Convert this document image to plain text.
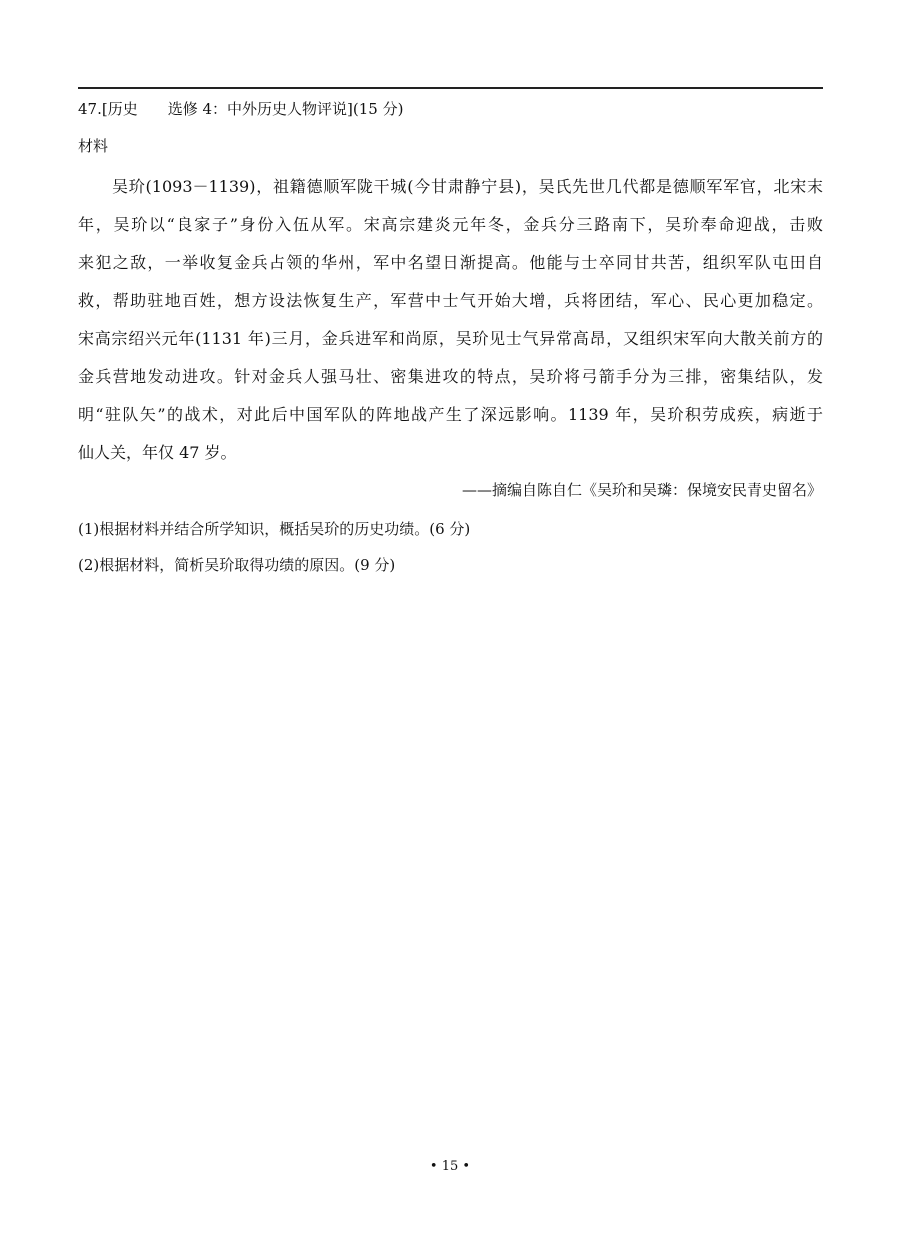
47.[历史 选修 4：中外历史人物评说](15 分)
材料
吴玠(1093－1139)，祖籍德顺军陇干城(今甘肃静宁县)，吴氏先世几代都是德顺军军官，北宋末
年，吴玠以“良家子”身份入伍从军。宋高宗建炎元年冬，金兵分三路南下，吴玠奉命迎战，击败
来犯之敌，一举收复金兵占领的华州，军中名望日渐提高。他能与士卒同甘共苦，组织军队屯田自
救，帮助驻地百姓，想方设法恢复生产，军营中士气开始大增，兵将团结，军心、民心更加稳定。
宋高宗绍兴元年(1131 年)三月，金兵进军和尚原，吴玠见士气异常高昂，又组织宋军向大散关前方的
金兵营地发动进攻。针对金兵人强马壮、密集进攻的特点，吴玠将弓箭手分为三排，密集结队，发
明“驻队矢”的战术，对此后中国军队的阵地战产生了深远影响。1139 年，吴玠积劳成疾，病逝于
仙人关，年仅 47 岁。
——摘编自陈自仁《吴玠和吴璘：保境安民青史留名》
(1)根据材料并结合所学知识，概括吴玠的历史功绩。(6 分)
(2)根据材料，简析吴玠取得功绩的原因。(9 分)
• 15 •
